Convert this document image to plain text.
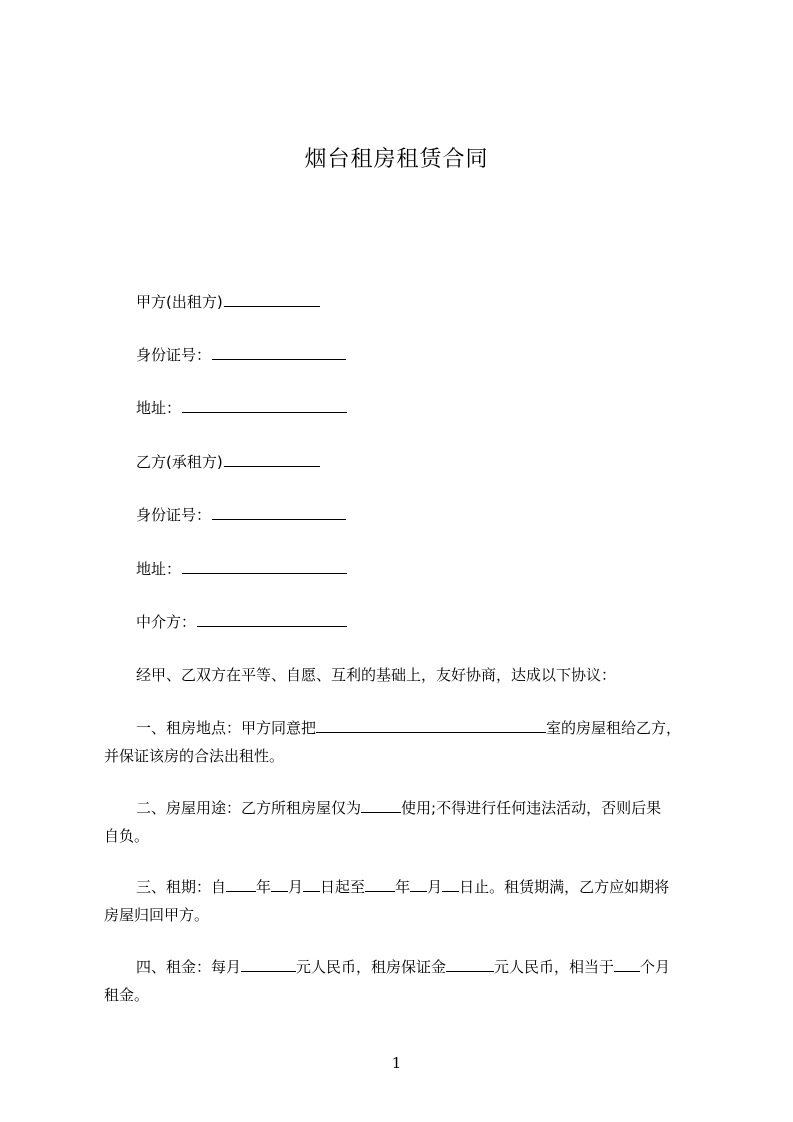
烟台租房租赁合同
甲方(出租方)
身份证号：
地址：
乙方(承租方)
身份证号：
地址：
中介方：
经甲、乙双方在平等、自愿、互利的基础上，友好协商，达成以下协议：
一、租房地点：甲方同意把	室的房屋租给乙方，
并保证该房的合法出租性。
二、房屋用途：乙方所租房屋仅为	使用;不得进行任何违法活动，否则后果
自负。
三、租期：自 年 月 日起至 年 月 日止。租赁期满，乙方应如期将
房屋归回甲方。
四、租金：每月	元人民币，租房保证金	元人民币，相当于 个月
租金。
1
